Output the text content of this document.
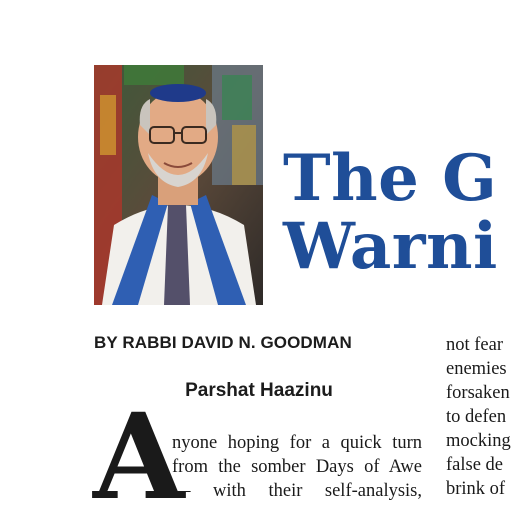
The G
Warni
BY RABBI DAVID N. GOODMAN
Parshat Haazinu
A
nyone hoping for a quick turn
from the somber Days of Awe
— with their self-analysis,
not fear
enemies
forsaken
to defen
mocking
false de
brink of
